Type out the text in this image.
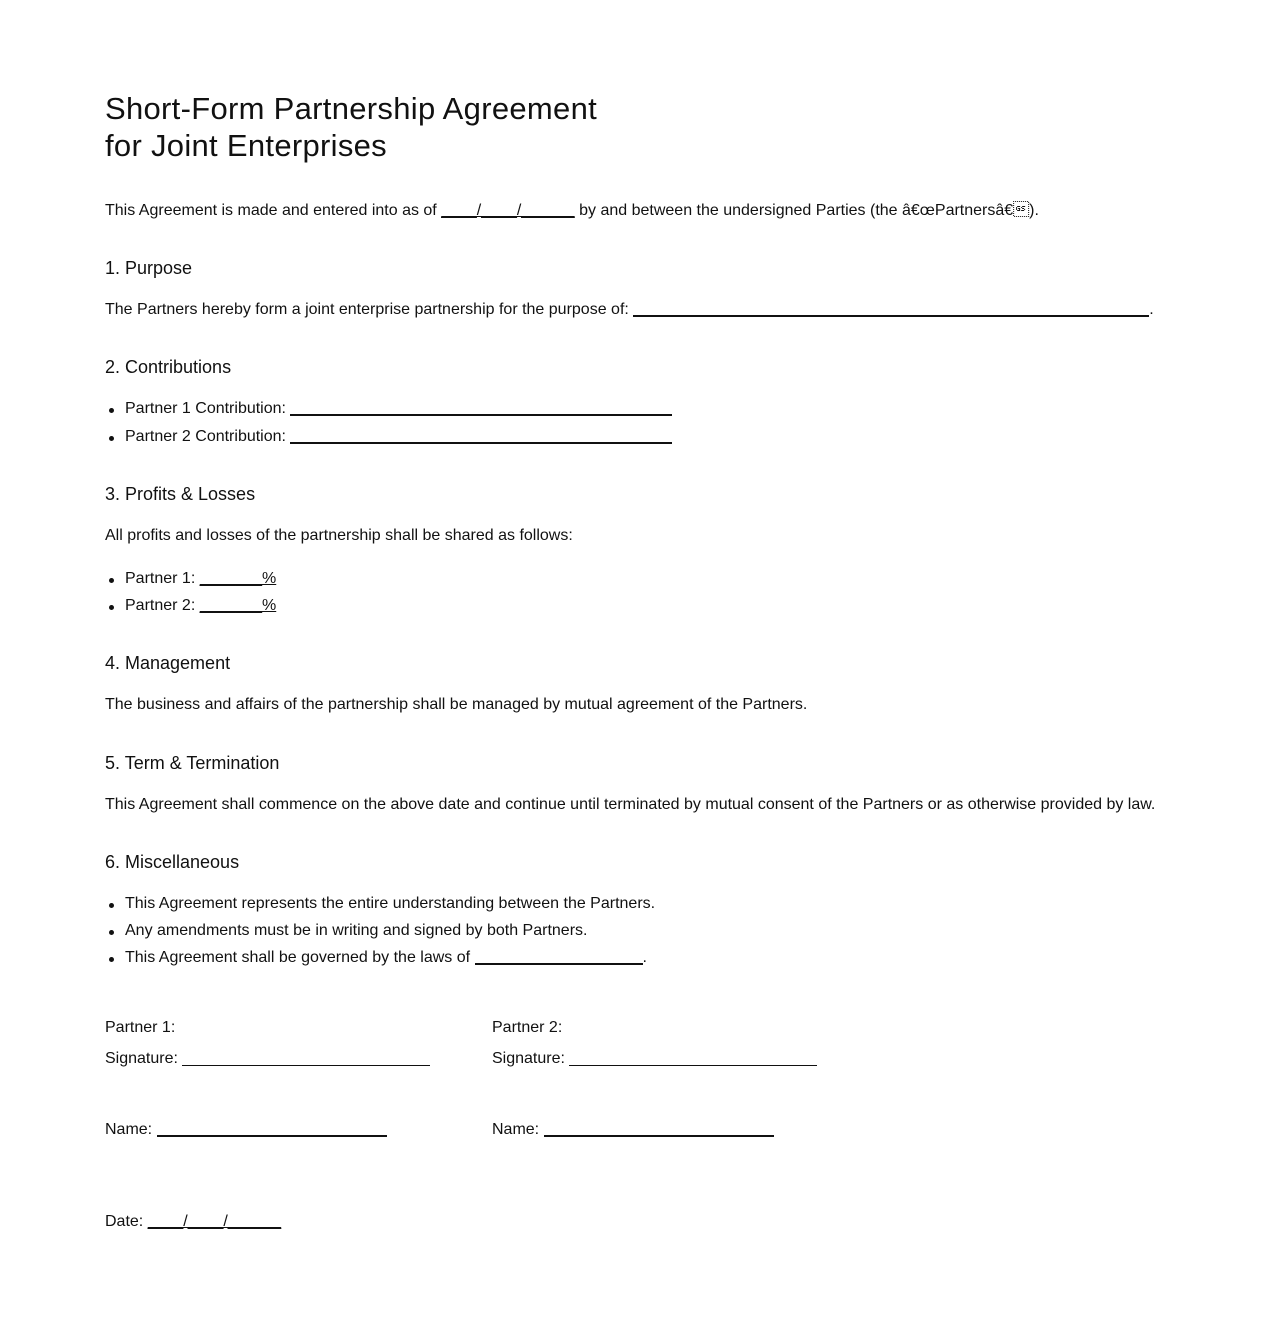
Short-Form Partnership Agreement
for Joint Enterprises

This Agreement is made and entered into as of ____/____/______ by and between the undersigned Parties (the â€œPartnersâ€).

1. Purpose

The Partners hereby form a joint enterprise partnership for the purpose of:	.

2. Contributions
Partner 1 Contribution:
Partner 2 Contribution:
3. Profits & Losses

All profits and losses of the partnership shall be shared as follows:

Partner 1: _______%
Partner 2: _______%
4. Management

The business and affairs of the partnership shall be managed by mutual agreement of the Partners.

5. Term & Termination

This Agreement shall commence on the above date and continue until terminated by mutual consent of the Partners or as otherwise provided by law.

6. Miscellaneous
This Agreement represents the entire understanding between the Partners.
Any amendments must be in writing and signed by both Partners.
This Agreement shall be governed by the laws of	.
Partner 1:	Partner 2:
Signature:	Signature:
Name:	Name:
Date: ____/____/______
